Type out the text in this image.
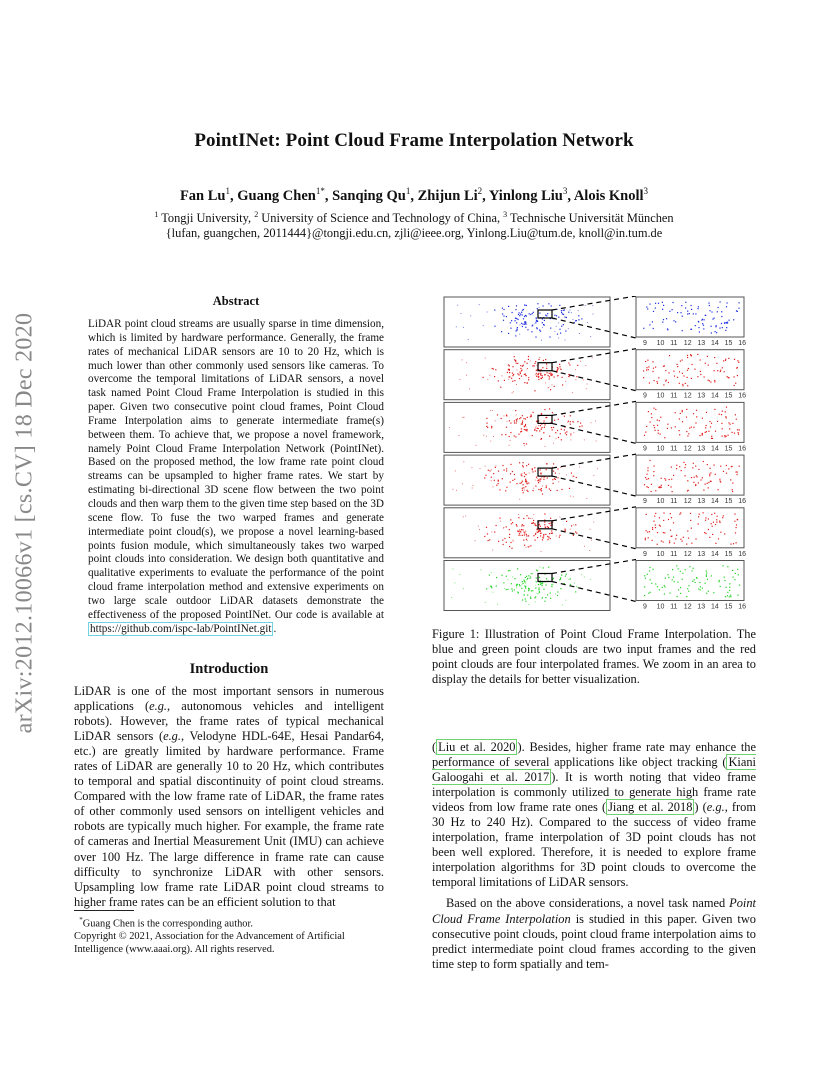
PointINet: Point Cloud Frame Interpolation Network
Fan Lu$^1$, Guang Chen$^{1*}$, Sanqing Qu$^1$, Zhijun Li$^2$, Yinlong Liu$^3$, Alois Knoll$^3$
$^1$ Tongji University, $^2$ University of Science and Technology of China, $^3$ Technische Universität München
{lufan, guangchen, 2011444}@tongji.edu.cn, zjli@ieee.org, Yinlong.Liu@tum.de, knoll@in.tum.de
arXiv:2012.10066v1 [cs.CV] 18 Dec 2020
Abstract
LiDAR point cloud streams are usually sparse in time dimension, which is limited by hardware performance. Generally, the frame rates of mechanical LiDAR sensors are 10 to 20 Hz, which is much lower than other commonly used sensors like cameras. To overcome the temporal limitations of LiDAR sensors, a novel task named Point Cloud Frame Interpolation is studied in this paper. Given two consecutive point cloud frames, Point Cloud Frame Interpolation aims to generate intermediate frame(s) between them. To achieve that, we propose a novel framework, namely Point Cloud Frame Interpolation Network (PointINet). Based on the proposed method, the low frame rate point cloud streams can be upsampled to higher frame rates. We start by estimating bi-directional 3D scene flow between the two point clouds and then warp them to the given time step based on the 3D scene flow. To fuse the two warped frames and generate intermediate point cloud(s), we propose a novel learning-based points fusion module, which simultaneously takes two warped point clouds into consideration. We design both quantitative and qualitative experiments to evaluate the performance of the point cloud frame interpolation method and extensive experiments on two large scale outdoor LiDAR datasets demonstrate the effectiveness of the proposed PointINet. Our code is available at https://github.com/ispc-lab/PointINet.git .
Introduction
LiDAR is one of the most important sensors in numerous applications (e.g., autonomous vehicles and intelligent robots). However, the frame rates of typical mechanical LiDAR sensors (e.g., Velodyne HDL-64E, Hesai Pandar64, etc.) are greatly limited by hardware performance. Frame rates of LiDAR are generally 10 to 20 Hz, which contributes to temporal and spatial discontinuity of point cloud streams. Compared with the low frame rate of LiDAR, the frame rates of other commonly used sensors on intelligent vehicles and robots are typically much higher. For example, the frame rate of cameras and Inertial Measurement Unit (IMU) can achieve over 100 Hz. The large difference in frame rate can cause difficulty to synchronize LiDAR with other sensors. Upsampling low frame rate LiDAR point cloud streams to higher frame rates can be an efficient solution to that
*Guang Chen is the corresponding author.
Copyright © 2021, Association for the Advancement of Artificial Intelligence (www.aaai.org). All rights reserved.
9 10 11 12 13 14 15 16
9 10 11 12 13 14 15 16
9 10 11 12 13 14 15 16
9 10 11 12 13 14 15 16
9 10 11 12 13 14 15 16
9 10 11 12 13 14 15 16
Figure 1: Illustration of Point Cloud Frame Interpolation. The blue and green point clouds are two input frames and the red point clouds are four interpolated frames. We zoom in an area to display the details for better visualization.

( Liu et al. 2020 ). Besides, higher frame rate may enhance the performance of several applications like object tracking ( Kiani Galoogahi et al. 2017 ). It is worth noting that video frame interpolation is commonly utilized to generate high frame rate videos from low frame rate ones ( Jiang et al. 2018 ) (e.g., from 30 Hz to 240 Hz). Compared to the success of video frame interpolation, frame interpolation of 3D point clouds has not been well explored. Therefore, it is needed to explore frame interpolation algorithms for 3D point clouds to overcome the temporal limitations of LiDAR sensors.

Based on the above considerations, a novel task named Point Cloud Frame Interpolation is studied in this paper. Given two consecutive point clouds, point cloud frame interpolation aims to predict intermediate point cloud frames according to the given time step to form spatially and tem-
